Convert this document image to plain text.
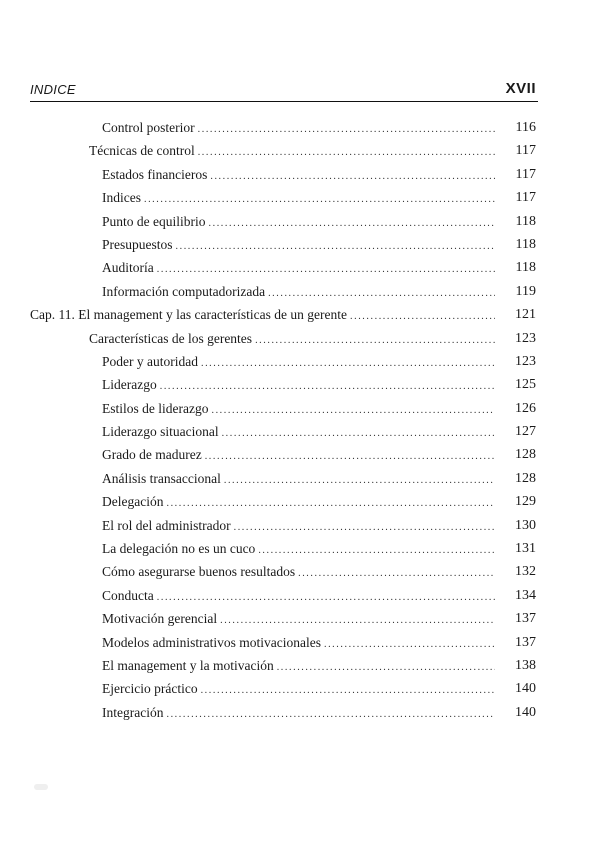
INDICE	XVII
Control posterior .....	116
Técnicas de control .....	117
Estados financieros .....	117
Indices .....	117
Punto de equilibrio .....	118
Presupuestos .....	118
Auditoría .....	118
Información computadorizada .....	119
Cap. 11. El management y las características de un gerente .....	121
Características de los gerentes .....	123
Poder y autoridad .....	123
Liderazgo .....	125
Estilos de liderazgo .....	126
Liderazgo situacional .....	127
Grado de madurez .....	128
Análisis transaccional .....	128
Delegación .....	129
El rol del administrador .....	130
La delegación no es un cuco .....	131
Cómo asegurarse buenos resultados .....	132
Conducta .....	134
Motivación gerencial .....	137
Modelos administrativos motivacionales .....	137
El management y la motivación .....	138
Ejercicio práctico .....	140
Integración .....	140
